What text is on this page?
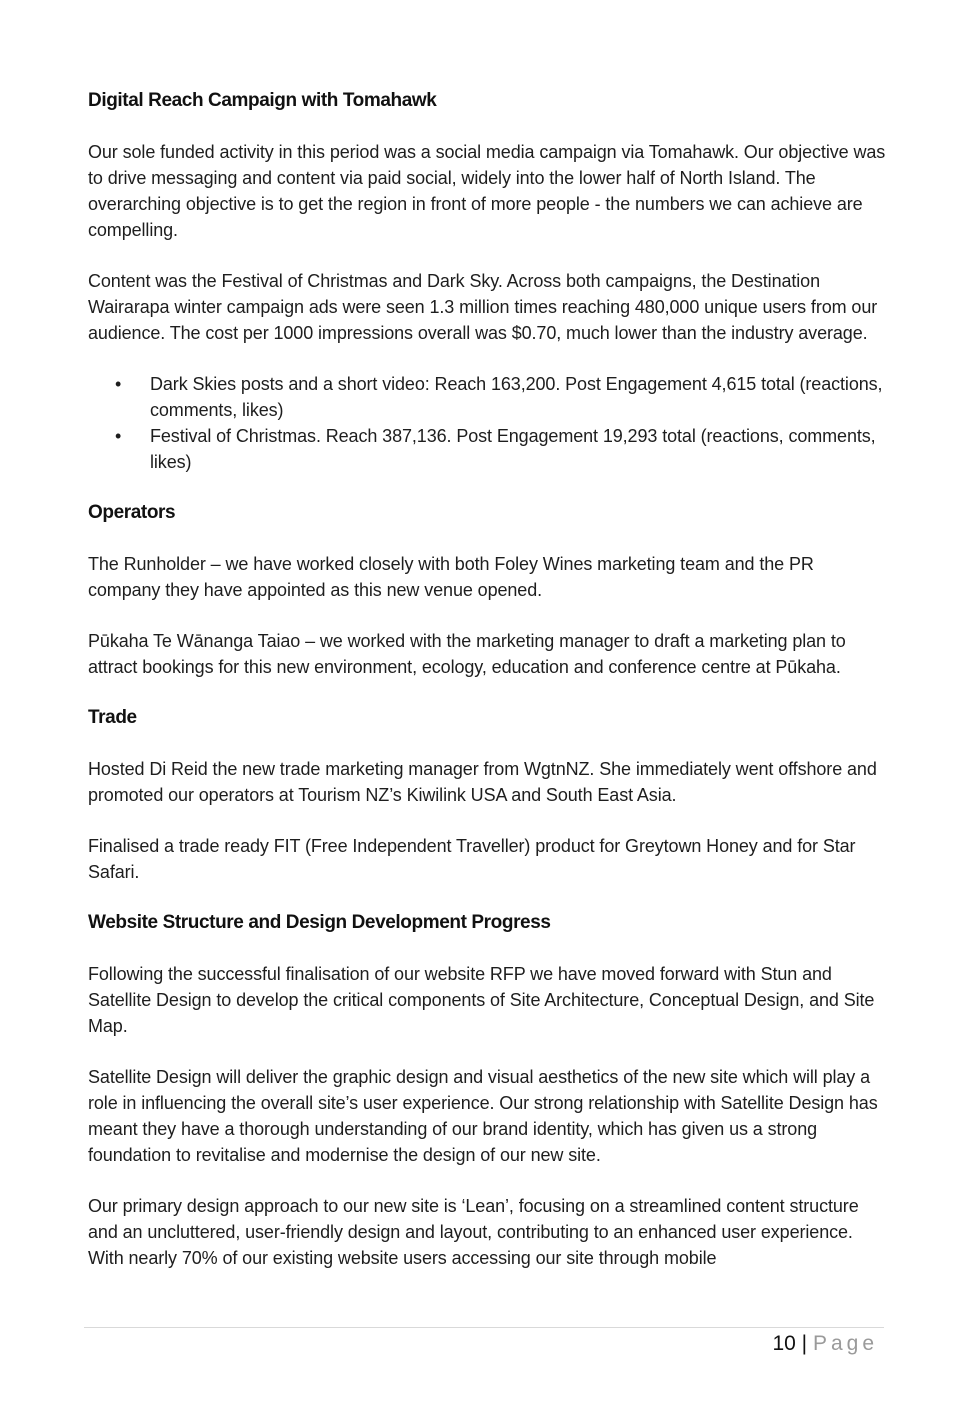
Digital Reach Campaign with Tomahawk

Our sole funded activity in this period was a social media campaign via Tomahawk. Our objective was to drive messaging and content via paid social, widely into the lower half of North Island. The overarching objective is to get the region in front of more people - the numbers we can achieve are compelling.

Content was the Festival of Christmas and Dark Sky. Across both campaigns, the Destination Wairarapa winter campaign ads were seen 1.3 million times reaching 480,000 unique users from our audience. The cost per 1000 impressions overall was $0.70, much lower than the industry average.

• Dark Skies posts and a short video: Reach 163,200. Post Engagement 4,615 total (reactions, comments, likes)
• Festival of Christmas. Reach 387,136. Post Engagement 19,293 total (reactions, comments, likes)
Operators

The Runholder – we have worked closely with both Foley Wines marketing team and the PR company they have appointed as this new venue opened.

Pūkaha Te Wānanga Taiao – we worked with the marketing manager to draft a marketing plan to attract bookings for this new environment, ecology, education and conference centre at Pūkaha.

Trade

Hosted Di Reid the new trade marketing manager from WgtnNZ. She immediately went offshore and promoted our operators at Tourism NZ’s Kiwilink USA and South East Asia.

Finalised a trade ready FIT (Free Independent Traveller) product for Greytown Honey and for Star Safari.

Website Structure and Design Development Progress

Following the successful finalisation of our website RFP we have moved forward with Stun and Satellite Design to develop the critical components of Site Architecture, Conceptual Design, and Site Map.

Satellite Design will deliver the graphic design and visual aesthetics of the new site which will play a role in influencing the overall site’s user experience. Our strong relationship with Satellite Design has meant they have a thorough understanding of our brand identity, which has given us a strong foundation to revitalise and modernise the design of our new site.

Our primary design approach to our new site is ‘Lean’, focusing on a streamlined content structure and an uncluttered, user-friendly design and layout, contributing to an enhanced user experience. With nearly 70% of our existing website users accessing our site through mobile

10 | Page
